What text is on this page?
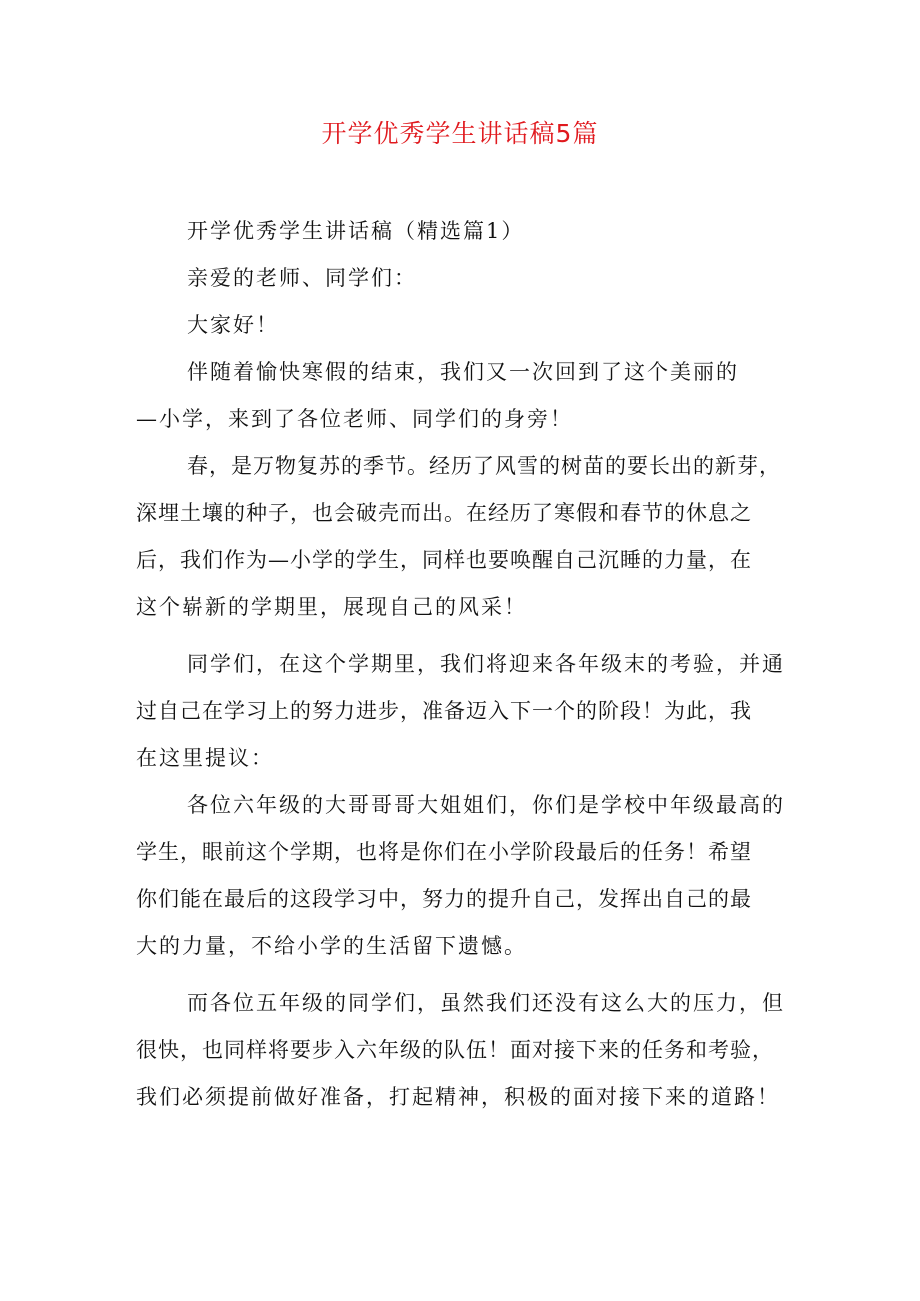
开学优秀学生讲话稿5篇

开学优秀学生讲话稿（精选篇1）

亲爱的老师、同学们：

大家好！

伴随着愉快寒假的结束，我们又一次回到了这个美丽的

—小学，来到了各位老师、同学们的身旁！

春，是万物复苏的季节。经历了风雪的树苗的要长出的新芽，

深埋土壤的种子，也会破壳而出。在经历了寒假和春节的休息之

后，我们作为—小学的学生，同样也要唤醒自己沉睡的力量，在

这个崭新的学期里，展现自己的风采！

同学们，在这个学期里，我们将迎来各年级末的考验，并通

过自己在学习上的努力进步，准备迈入下一个的阶段！为此，我

在这里提议：

各位六年级的大哥哥哥大姐姐们，你们是学校中年级最高的

学生，眼前这个学期，也将是你们在小学阶段最后的任务！希望

你们能在最后的这段学习中，努力的提升自己，发挥出自己的最

大的力量，不给小学的生活留下遗憾。

而各位五年级的同学们，虽然我们还没有这么大的压力，但

很快，也同样将要步入六年级的队伍！面对接下来的任务和考验，

我们必须提前做好准备，打起精神，积极的面对接下来的道路！
